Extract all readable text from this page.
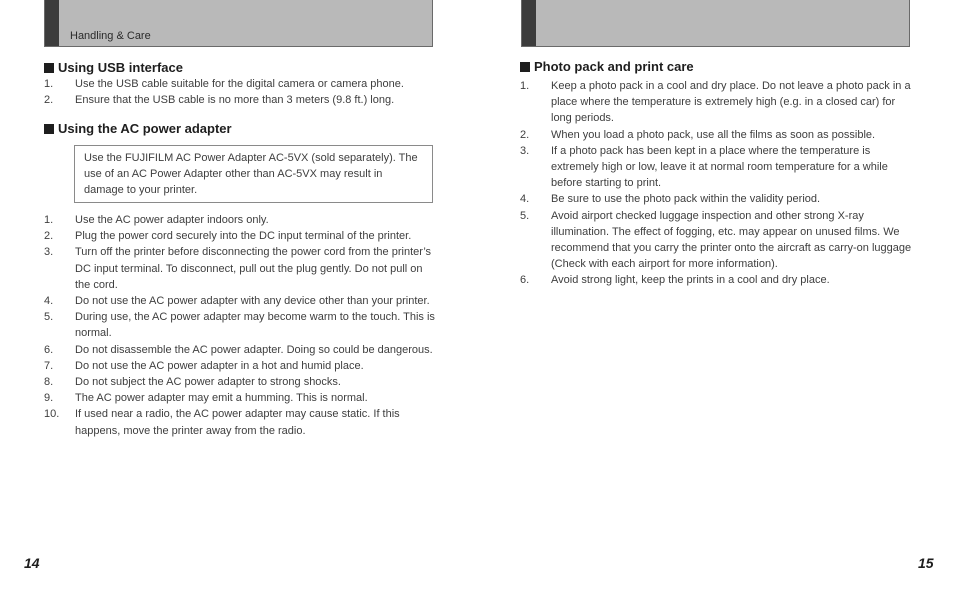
Handling & Care
Using USB interface
1. Use the USB cable suitable for the digital camera or camera phone.
2. Ensure that the USB cable is no more than 3 meters (9.8 ft.) long.
Using the AC power adapter
Use the FUJIFILM AC Power Adapter AC-5VX (sold separately). The use of an AC Power Adapter other than AC-5VX may result in damage to your printer.
1. Use the AC power adapter indoors only.
2. Plug the power cord securely into the DC input terminal of the printer.
3. Turn off the printer before disconnecting the power cord from the printer’s DC input terminal. To disconnect, pull out the plug gently. Do not pull on the cord.
4. Do not use the AC power adapter with any device other than your printer.
5. During use, the AC power adapter may become warm to the touch. This is normal.
6. Do not disassemble the AC power adapter. Doing so could be dangerous.
7. Do not use the AC power adapter in a hot and humid place.
8. Do not subject the AC power adapter to strong shocks.
9. The AC power adapter may emit a humming. This is normal.
10. If used near a radio, the AC power adapter may cause static. If this happens, move the printer away from the radio.
14
Photo pack and print care
1. Keep a photo pack in a cool and dry place. Do not leave a photo pack in a place where the temperature is extremely high (e.g. in a closed car) for long periods.
2. When you load a photo pack, use all the films as soon as possible.
3. If a photo pack has been kept in a place where the temperature is extremely high or low, leave it at normal room temperature for a while before starting to print.
4. Be sure to use the photo pack within the validity period.
5. Avoid airport checked luggage inspection and other strong X-ray illumination. The effect of fogging, etc. may appear on unused films. We recommend that you carry the printer onto the aircraft as carry-on luggage (Check with each airport for more information).
6. Avoid strong light, keep the prints in a cool and dry place.
15
